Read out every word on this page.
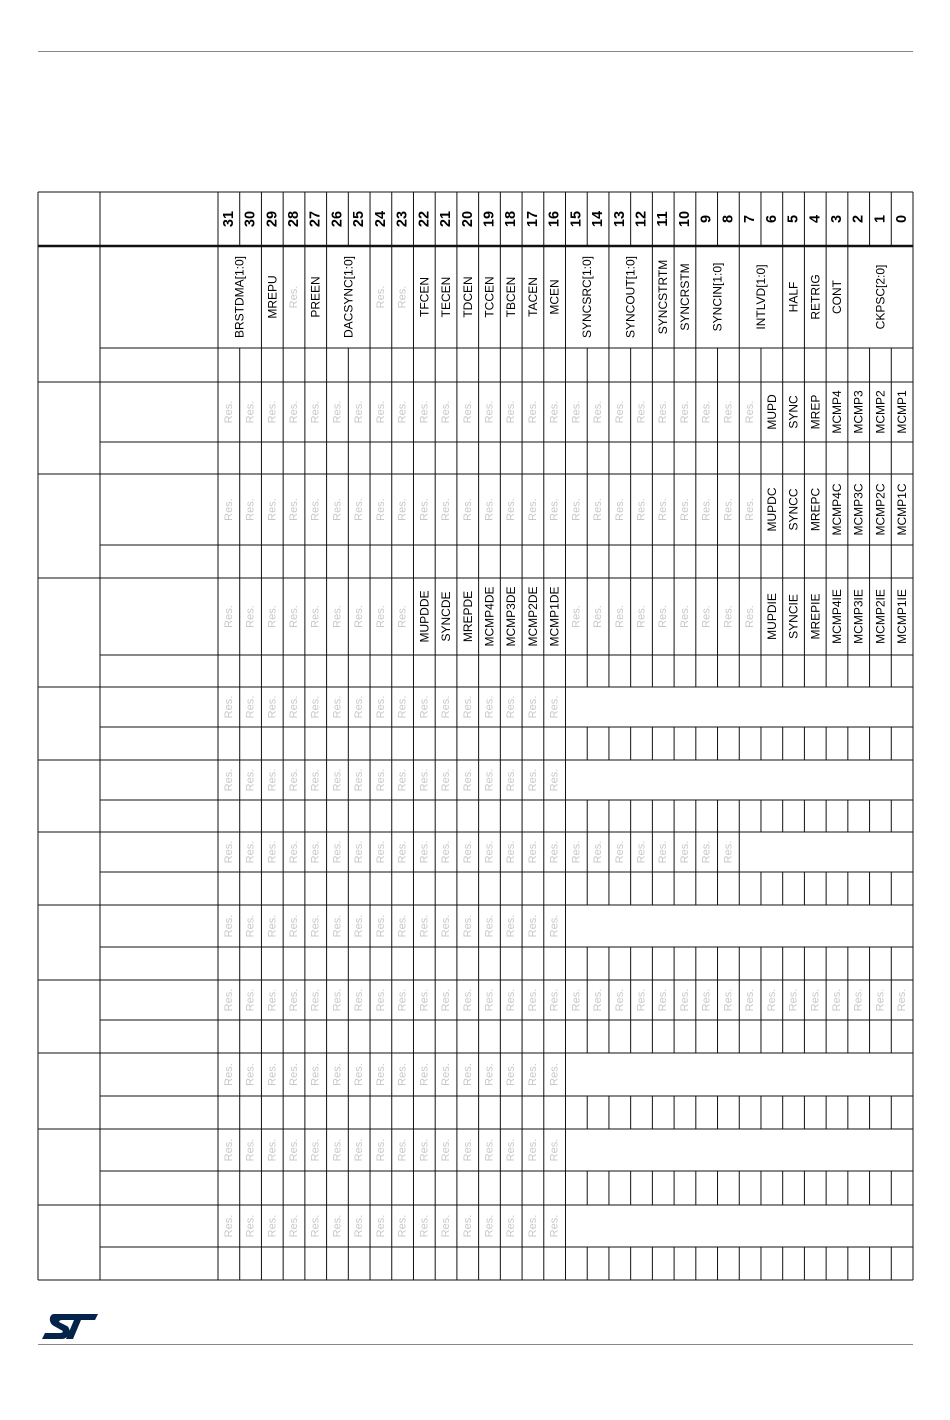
31 30 29 28 27 26 25 24 23 22 21 20 19 18 17 16 15 14 13 12 11 10 9 8 7 6 5 4 3 2 1 0
BRSTDMA[1:0] MREPU Res. PREEN DACSYNC[1:0] Res. Res. TFCEN TECEN TDCEN TCCEN TBCEN TACEN MCEN SYNCSRC[1:0] SYNCOUT[1:0] SYNCSTRTM SYNCRSTM SYNCIN[1:0] INTLVD[1:0] HALF RETRIG CONT CKPSC[2:0]
Res. Res. Res. Res. Res. Res. Res. Res. Res. Res. Res. Res. Res. Res. Res. Res. Res. Res. Res. Res. Res. Res. Res. Res. Res. MUPD SYNC MREP MCMP4 MCMP3 MCMP2 MCMP1
Res. Res. Res. Res. Res. Res. Res. Res. Res. Res. Res. Res. Res. Res. Res. Res. Res. Res. Res. Res. Res. Res. Res. Res. Res. MUPDC SYNCC MREPC MCMP4C MCMP3C MCMP2C MCMP1C
Res. Res. Res. Res. Res. Res. Res. Res. Res. MUPDDE SYNCDE MREPDE MCMP4DE MCMP3DE MCMP2DE MCMP1DE Res. Res. Res. Res. Res. Res. Res. Res. Res. MUPDIE SYNCIE MREPIE MCMP4IE MCMP3IE MCMP2IE MCMP1IE
Res. Res. Res. Res. Res. Res. Res. Res. Res. Res. Res. Res. Res. Res. Res. Res.
Res. Res. Res. Res. Res. Res. Res. Res. Res. Res. Res. Res. Res. Res. Res. Res.
Res. Res. Res. Res. Res. Res. Res. Res. Res. Res. Res. Res. Res. Res. Res. Res. Res. Res. Res. Res. Res. Res. Res. Res.
Res. Res. Res. Res. Res. Res. Res. Res. Res. Res. Res. Res. Res. Res. Res. Res.
Res. Res. Res. Res. Res. Res. Res. Res. Res. Res. Res. Res. Res. Res. Res. Res. Res. Res. Res. Res. Res. Res. Res. Res. Res. Res. Res. Res. Res. Res. Res. Res.
Res. Res. Res. Res. Res. Res. Res. Res. Res. Res. Res. Res. Res. Res. Res. Res.
Res. Res. Res. Res. Res. Res. Res. Res. Res. Res. Res. Res. Res. Res. Res. Res.
Res. Res. Res. Res. Res. Res. Res. Res. Res. Res. Res. Res. Res. Res. Res. Res.
